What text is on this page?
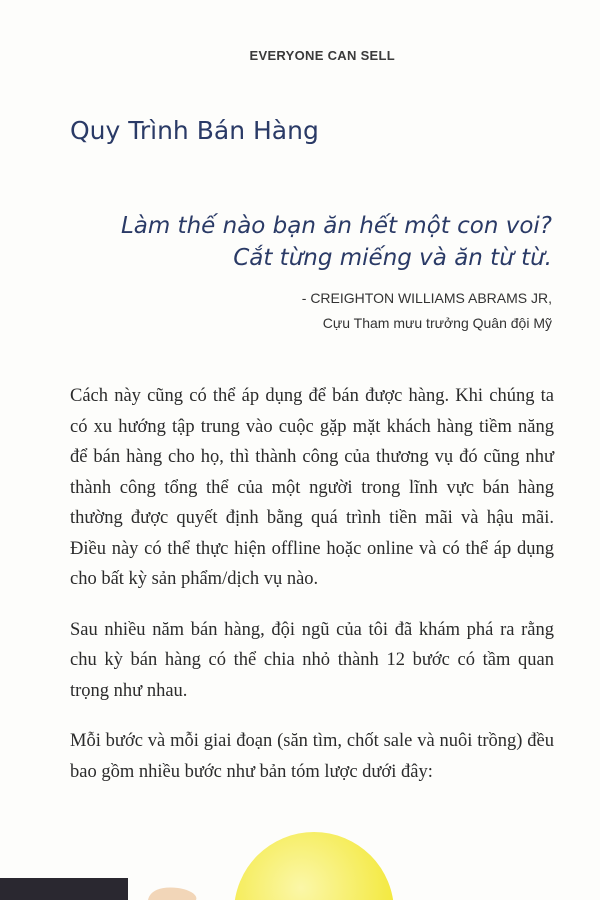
EVERYONE CAN SELL
Quy Trình Bán Hàng

Làm thế nào bạn ăn hết một con voi?

Cắt từng miếng và ăn từ từ.

- CREIGHTON WILLIAMS ABRAMS JR,

Cựu Tham mưu trưởng Quân đội Mỹ

Cách này cũng có thể áp dụng để bán được hàng. Khi chúng ta có xu hướng tập trung vào cuộc gặp mặt khách hàng tiềm năng để bán hàng cho họ, thì thành công của thương vụ đó cũng như thành công tổng thể của một người trong lĩnh vực bán hàng thường được quyết định bằng quá trình tiền mãi và hậu mãi. Điều này có thể thực hiện offline hoặc online và có thể áp dụng cho bất kỳ sản phẩm/dịch vụ nào.

Sau nhiều năm bán hàng, đội ngũ của tôi đã khám phá ra rằng chu kỳ bán hàng có thể chia nhỏ thành 12 bước có tầm quan trọng như nhau.

Mỗi bước và mỗi giai đoạn (săn tìm, chốt sale và nuôi trồng) đều bao gồm nhiều bước như bản tóm lược dưới đây:
